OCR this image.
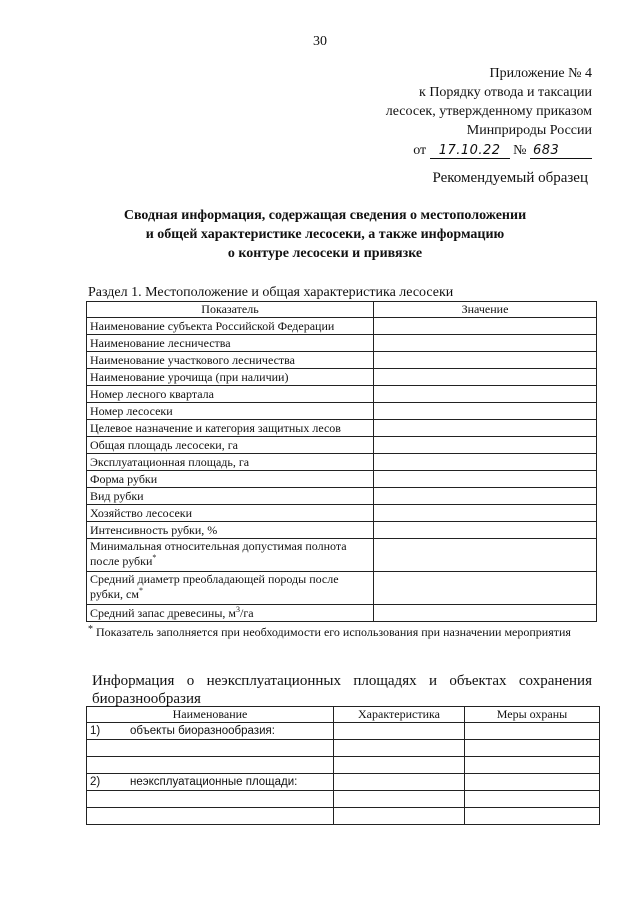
30
Приложение № 4
к Порядку отвода и таксации
лесосек, утвержденному приказом
Минприроды России
от 17.10.22 № 683
Рекомендуемый образец
Сводная информация, содержащая сведения о местоположении
и общей характеристике лесосеки, а также информацию
о контуре лесосеки и привязке
Раздел 1. Местоположение и общая характеристика лесосеки
Показатель	Значение
Наименование субъекта Российской Федерации	
Наименование лесничества	
Наименование участкового лесничества	
Наименование урочища (при наличии)	
Номер лесного квартала	
Номер лесосеки	
Целевое назначение и категория защитных лесов	
Общая площадь лесосеки, га	
Эксплуатационная площадь, га	
Форма рубки	
Вид рубки	
Хозяйство лесосеки	
Интенсивность рубки, %	
Минимальная относительная допустимая полнота после рубки*	
Средний диаметр преобладающей породы после рубки, см*	
Средний запас древесины, $м^3/га$	
* Показатель заполняется при необходимости его использования при назначении мероприятия
Информация о неэксплуатационных площадях и объектах сохранения биоразнообразия
Наименование	Характеристика	Меры охраны
1) объекты биоразнообразия:		

2) неэксплуатационные площади:		
